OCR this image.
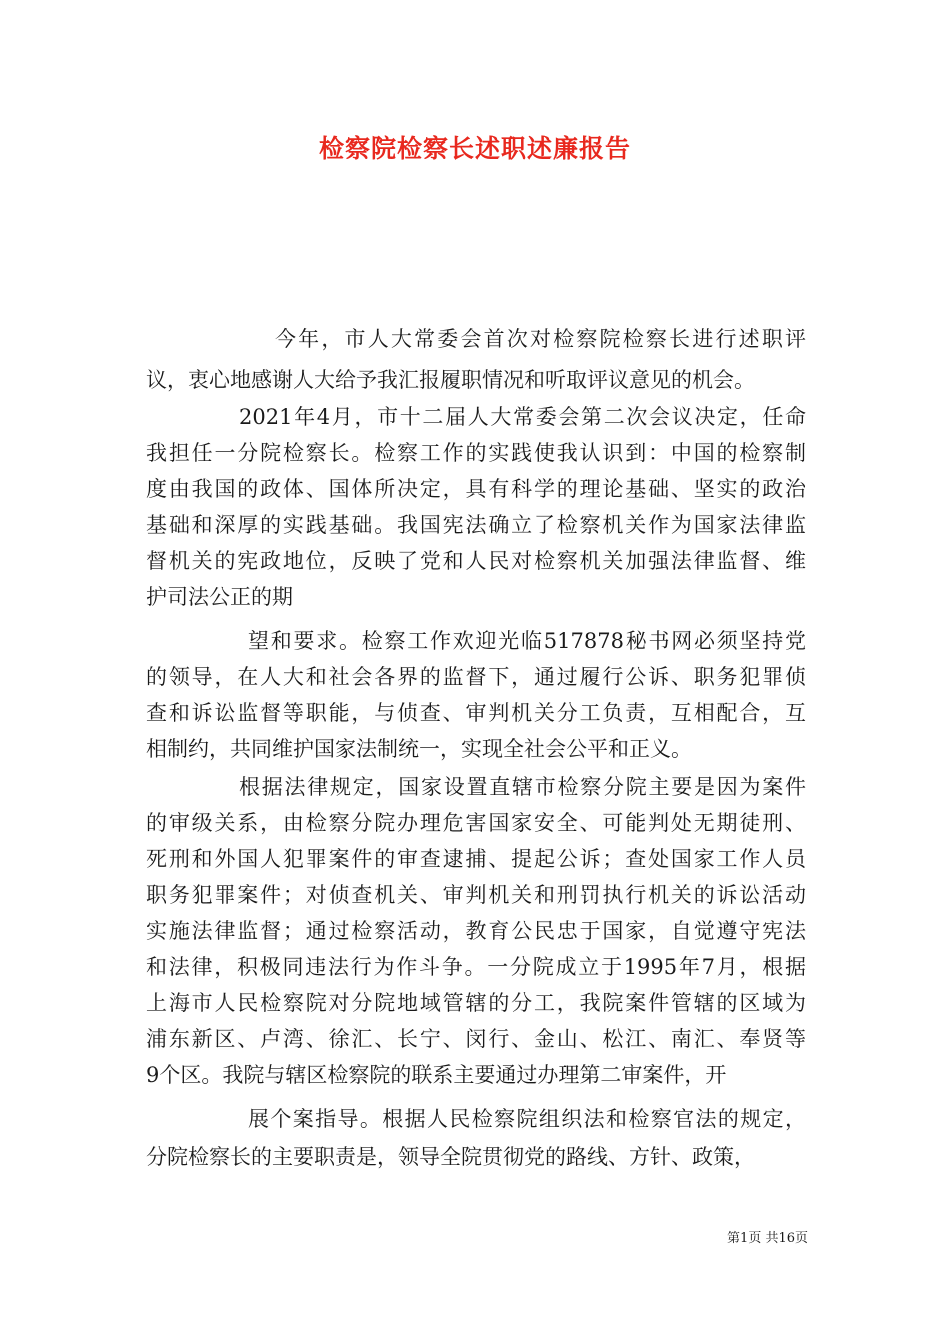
检察院检察长述职述廉报告
今年，市人大常委会首次对检察院检察长进行述职评
议，衷心地感谢人大给予我汇报履职情况和听取评议意见的机会。
2021年4月，市十二届人大常委会第二次会议决定，任命
我担任一分院检察长。检察工作的实践使我认识到：中国的检察制
度由我国的政体、国体所决定，具有科学的理论基础、坚实的政治
基础和深厚的实践基础。我国宪法确立了检察机关作为国家法律监
督机关的宪政地位，反映了党和人民对检察机关加强法律监督、维
护司法公正的期
望和要求。检察工作欢迎光临517878秘书网必须坚持党
的领导，在人大和社会各界的监督下，通过履行公诉、职务犯罪侦
查和诉讼监督等职能，与侦查、审判机关分工负责，互相配合，互
相制约，共同维护国家法制统一，实现全社会公平和正义。
根据法律规定，国家设置直辖市检察分院主要是因为案件
的审级关系，由检察分院办理危害国家安全、可能判处无期徒刑、
死刑和外国人犯罪案件的审查逮捕、提起公诉；查处国家工作人员
职务犯罪案件；对侦查机关、审判机关和刑罚执行机关的诉讼活动
实施法律监督；通过检察活动，教育公民忠于国家，自觉遵守宪法
和法律，积极同违法行为作斗争。一分院成立于1995年7月，根据
上海市人民检察院对分院地域管辖的分工，我院案件管辖的区域为
浦东新区、卢湾、徐汇、长宁、闵行、金山、松江、南汇、奉贤等
9个区。我院与辖区检察院的联系主要通过办理第二审案件，开
展个案指导。根据人民检察院组织法和检察官法的规定，
分院检察长的主要职责是，领导全院贯彻党的路线、方针、政策，
第1页 共16页
